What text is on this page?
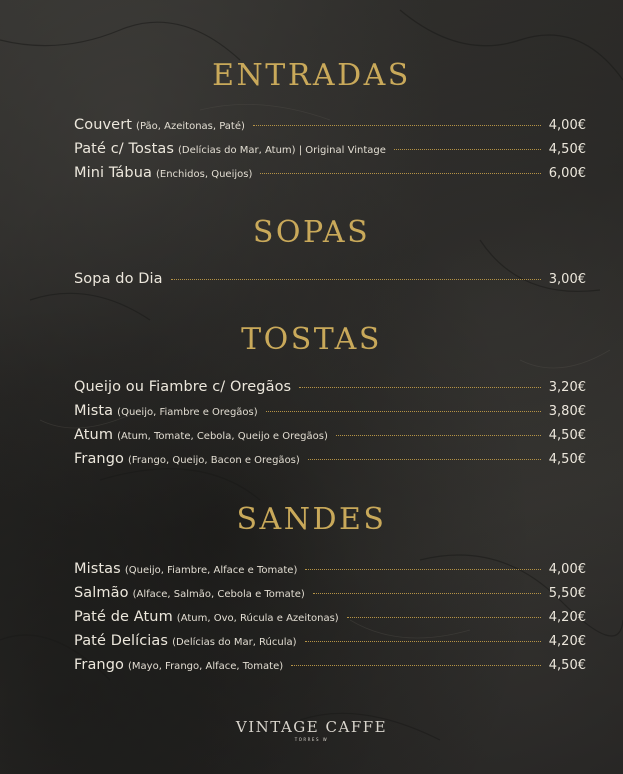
ENTRADAS
Couvert (Pão, Azeitonas, Paté)	4,00€
Paté c/ Tostas (Delícias do Mar, Atum) | Original Vintage	4,50€
Mini Tábua (Enchidos, Queijos)	6,00€
SOPAS
Sopa do Dia	3,00€
TOSTAS
Queijo ou Fiambre c/ Oregãos	3,20€
Mista (Queijo, Fiambre e Oregãos)	3,80€
Atum (Atum, Tomate, Cebola, Queijo e Oregãos)	4,50€
Frango (Frango, Queijo, Bacon e Oregãos)	4,50€
SANDES
Mistas (Queijo, Fiambre, Alface e Tomate)	4,00€
Salmão (Alface, Salmão, Cebola e Tomate)	5,50€
Paté de Atum (Atum, Ovo, Rúcula e Azeitonas)	4,20€
Paté Delícias (Delícias do Mar, Rúcula)	4,20€
Frango (Mayo, Frango, Alface, Tomate)	4,50€
VINTAGE CAFFE
TORRES W
